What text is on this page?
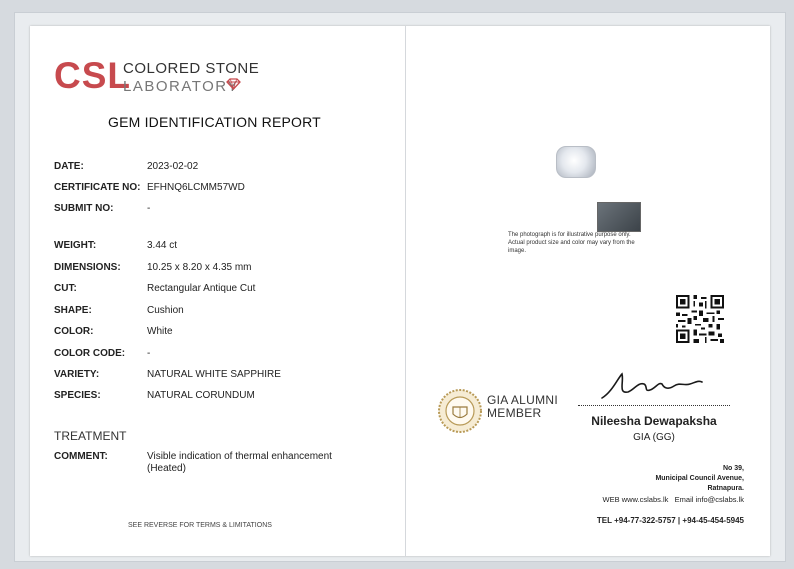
CSL
COLORED STONE
LABORATORY
GEM IDENTIFICATION REPORT
DATE:	2023-02-02
CERTIFICATE NO: EFHNQ6LCMM57WD
SUBMIT NO:	-
WEIGHT:	3.44 ct
DIMENSIONS:	10.25 x 8.20 x 4.35 mm
CUT:	Rectangular Antique Cut
SHAPE:	Cushion
COLOR:	White
COLOR CODE: -
VARIETY:	NATURAL WHITE SAPPHIRE
SPECIES:	NATURAL CORUNDUM
TREATMENT
COMMENT:	Visible indication of thermal enhancement
(Heated)
SEE REVERSE FOR TERMS & LIMITATIONS
The photograph is for illustrative purpose only. Actual product size and color may vary from the image.
GIA ALUMNI
MEMBER
Nileesha Dewapaksha
GIA (GG)
No 39,
Municipal Council Avenue,
Ratnapura.
WEB www.cslabs.lk Email info@cslabs.lk
TEL +94-77-322-5757 | +94-45-454-5945
